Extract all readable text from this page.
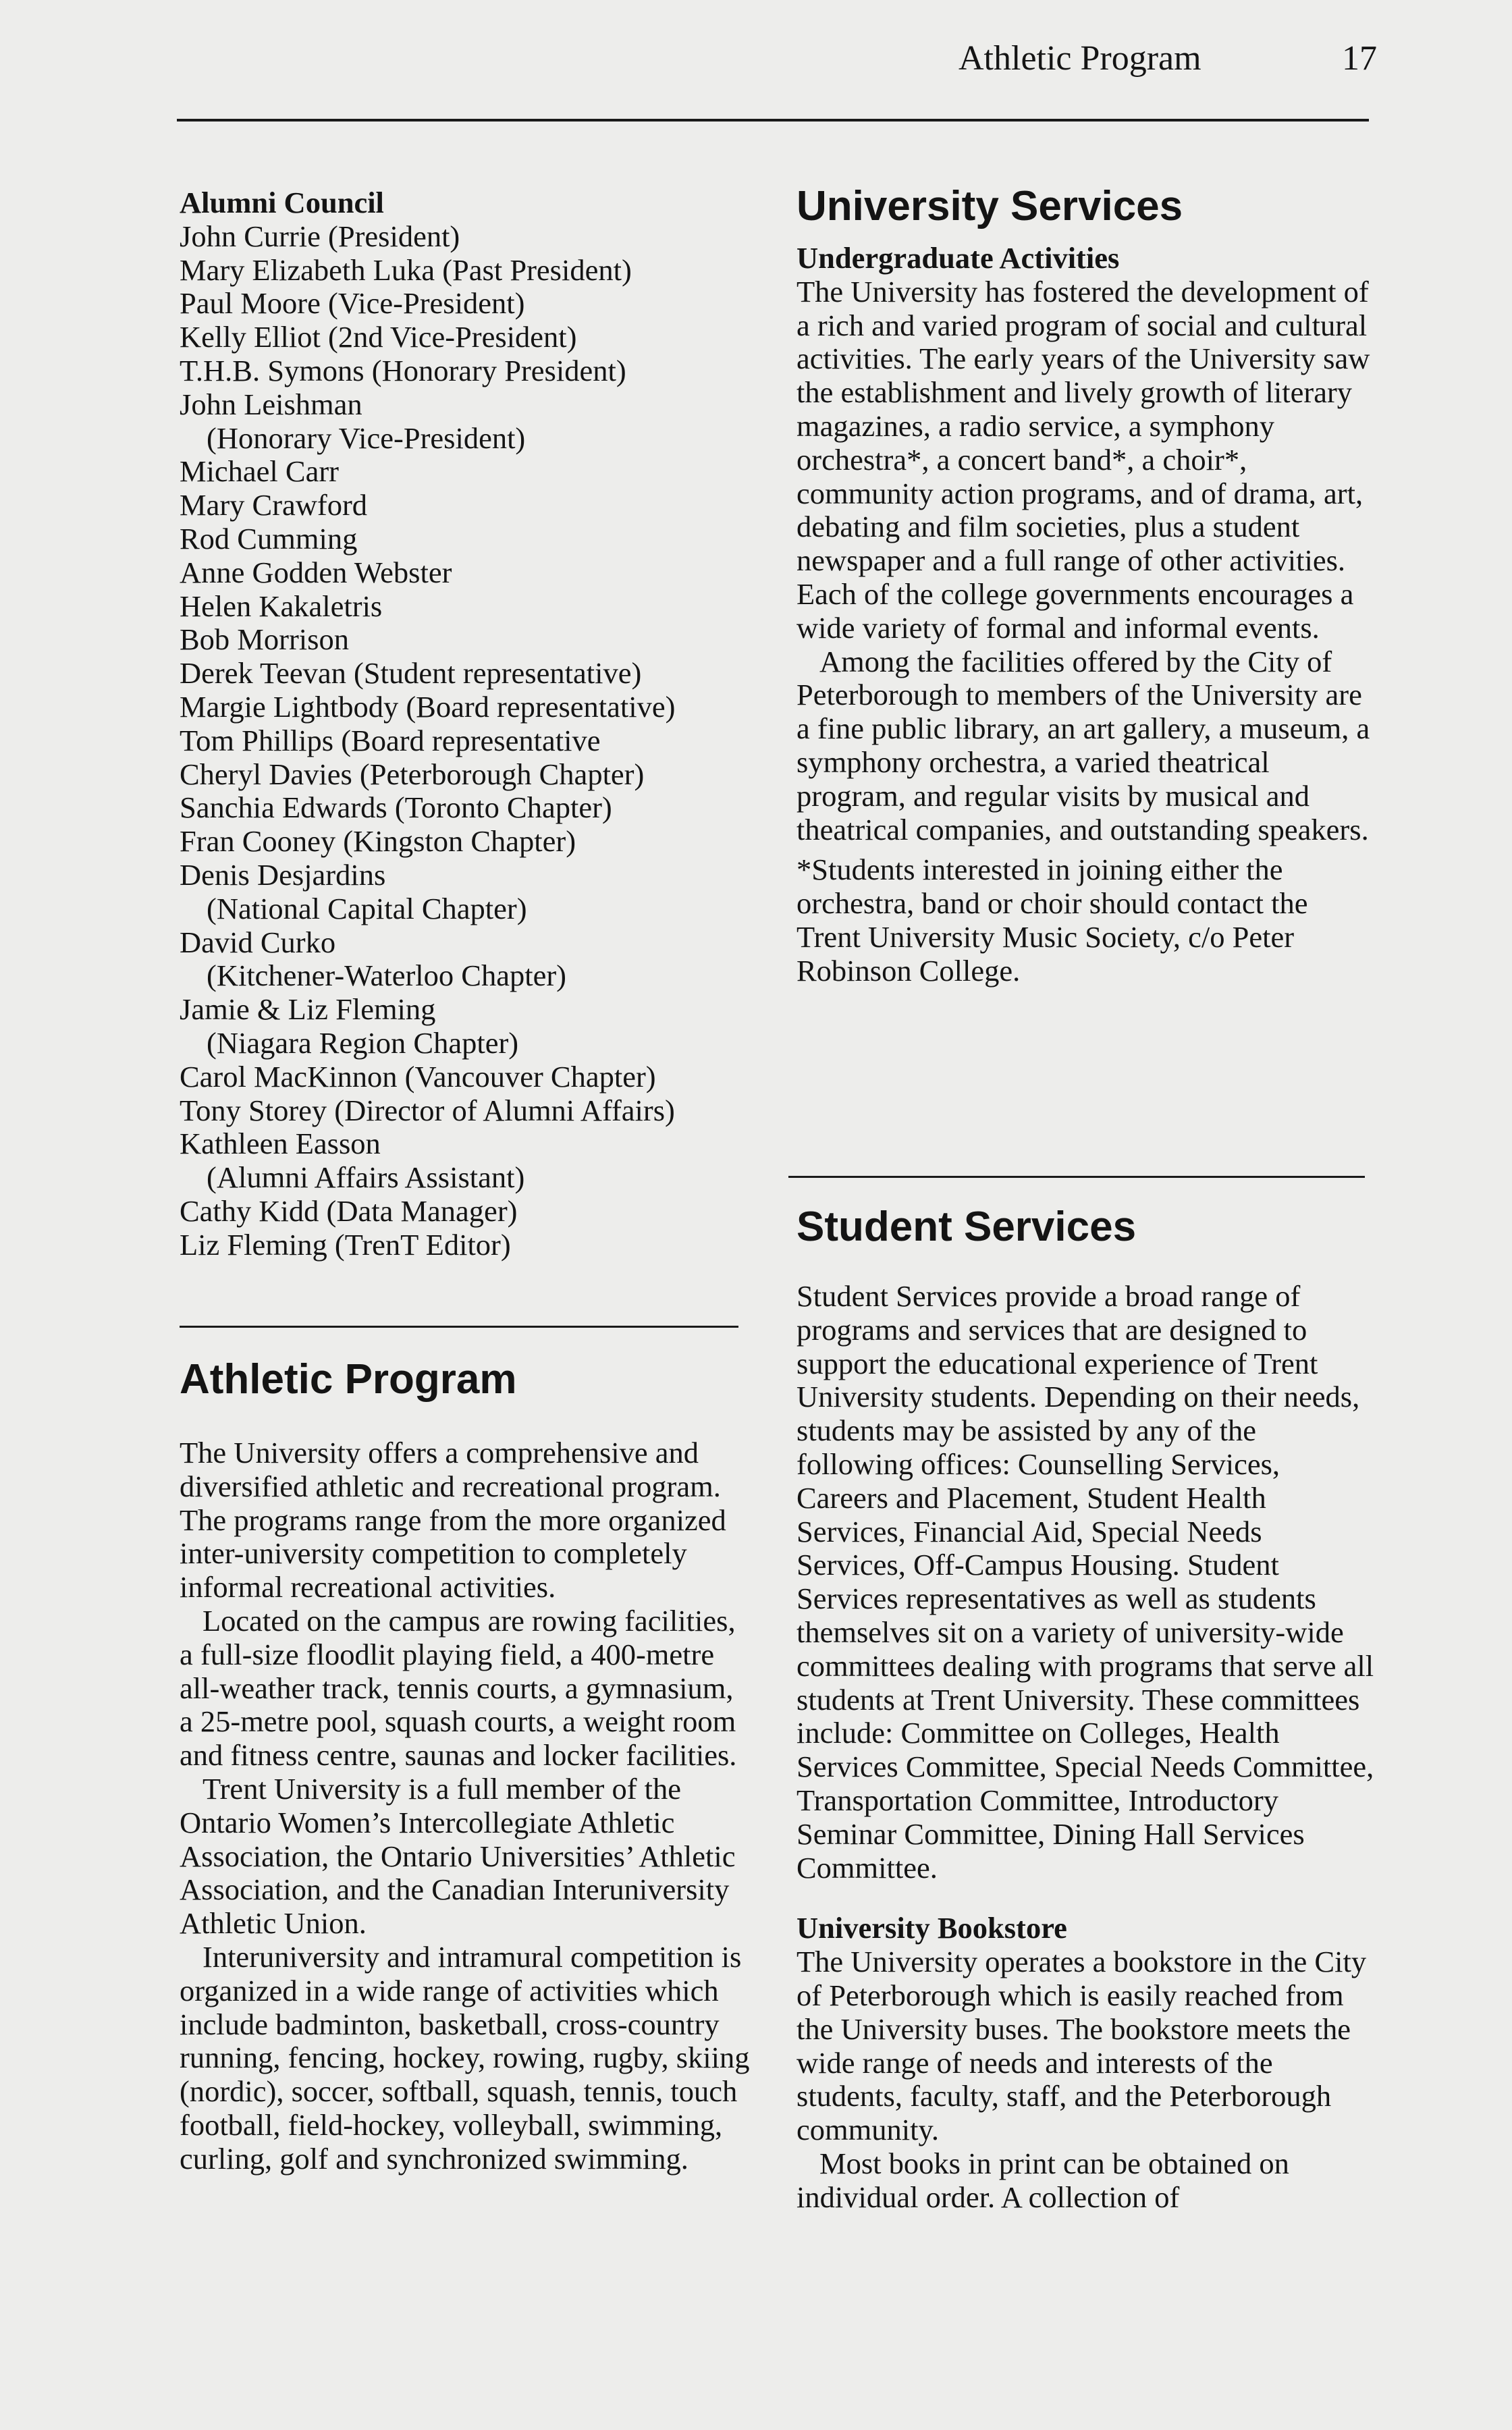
Athletic Program	17
Alumni Council
John Currie (President)
Mary Elizabeth Luka (Past President)
Paul Moore (Vice-President)
Kelly Elliot (2nd Vice-President)
T.H.B. Symons (Honorary President)
John Leishman
(Honorary Vice-President)
Michael Carr
Mary Crawford
Rod Cumming
Anne Godden Webster
Helen Kakaletris
Bob Morrison
Derek Teevan (Student representative)
Margie Lightbody (Board representative)
Tom Phillips (Board representative
Cheryl Davies (Peterborough Chapter)
Sanchia Edwards (Toronto Chapter)
Fran Cooney (Kingston Chapter)
Denis Desjardins
(National Capital Chapter)
David Curko
(Kitchener-Waterloo Chapter)
Jamie & Liz Fleming
(Niagara Region Chapter)
Carol MacKinnon (Vancouver Chapter)
Tony Storey (Director of Alumni Affairs)
Kathleen Easson
(Alumni Affairs Assistant)
Cathy Kidd (Data Manager)
Liz Fleming (TrenT Editor)
Athletic Program

The University offers a comprehensive and diversified athletic and recreational program. The programs range from the more organized inter-university competition to completely informal recreational activities.

Located on the campus are rowing facilities, a full-size floodlit playing field, a 400-metre all-weather track, tennis courts, a gymnasium, a 25-metre pool, squash courts, a weight room and fitness centre, saunas and locker facilities.

Trent University is a full member of the Ontario Women’s Intercollegiate Athletic Association, the Ontario Universities’ Athletic Association, and the Canadian Interuniversity Athletic Union.

Interuniversity and intramural competition is organized in a wide range of activities which include badminton, basketball, cross-country running, fencing, hockey, rowing, rugby, skiing (nordic), soccer, softball, squash, tennis, touch football, field-hockey, volleyball, swimming, curling, golf and synchronized swimming.

University Services
Undergraduate Activities

The University has fostered the development of a rich and varied program of social and cultural activities. The early years of the University saw the establishment and lively growth of literary magazines, a radio service, a symphony orchestra*, a concert band*, a choir*, community action programs, and of drama, art, debating and film societies, plus a student newspaper and a full range of other activities. Each of the college governments encourages a wide variety of formal and informal events.

Among the facilities offered by the City of Peterborough to members of the University are a fine public library, an art gallery, a museum, a symphony orchestra, a varied theatrical program, and regular visits by musical and theatrical companies, and outstanding speakers.

*Students interested in joining either the orchestra, band or choir should contact the Trent University Music Society, c/o Peter Robinson College.

Student Services

Student Services provide a broad range of programs and services that are designed to support the educational experience of Trent University students. Depending on their needs, students may be assisted by any of the following offices: Counselling Services, Careers and Placement, Student Health Services, Financial Aid, Special Needs Services, Off-Campus Housing. Student Services representatives as well as students themselves sit on a variety of university-wide committees dealing with programs that serve all students at Trent University. These committees include: Committee on Colleges, Health Services Committee, Special Needs Committee, Transportation Committee, Introductory Seminar Committee, Dining Hall Services Committee.

University Bookstore

The University operates a bookstore in the City of Peterborough which is easily reached from the University buses. The bookstore meets the wide range of needs and interests of the students, faculty, staff, and the Peterborough community.

Most books in print can be obtained on individual order. A collection of
